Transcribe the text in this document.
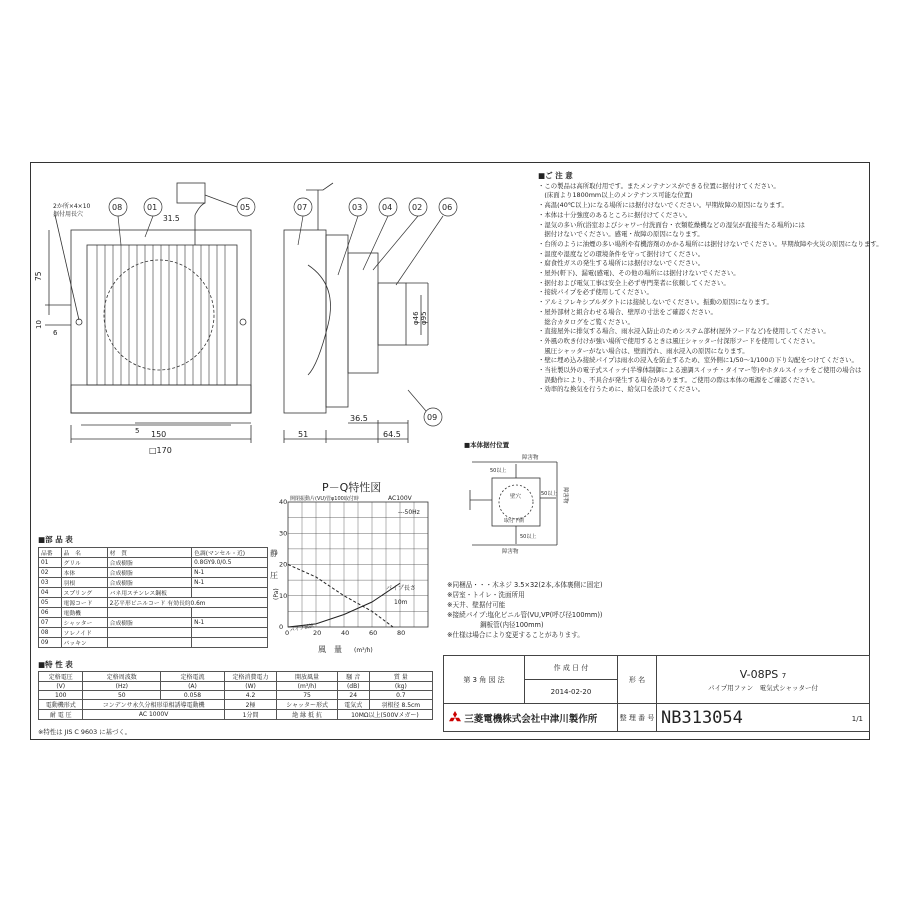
08	01	05
2か所×4×10
据付用長穴	31.5
75
10
6
5 150
□170
07	03 04 02 06
09
φ46 φ95
51
36.5
64.5
■ご 注 意
・この製品は高所取付用です。またメンテナンスができる位置に据付けてください。
　(床面より1800mm以上のメンテナンス可能な位置)
・高温(40℃以上)になる場所には据付けないでください。早期故障の原因になります。
・本体は十分強度のあるところに据付けてください。
・湿気の多い所(浴室およびシャワー付洗面台・衣類乾燥機などの湿気が直接当たる場所)には
　据付けないでください。感電・故障の原因になります。
・台所のように油煙の多い場所や有機溶剤のかかる場所には据付けないでください。早期故障や火災の原因になります。
・温度や湿度などの環境条件を守って据付けてください。
・腐食性ガスの発生する場所には据付けないでください。
・屋外(軒下)、漏電(感電)、その他の場所には据付けないでください。
・据付および電気工事は安全上必ず専門業者に依頼してください。
・接続パイプを必ず使用してください。
・アルミフレキシブルダクトには接続しないでください。振動の原因になります。
・屋外部材と組合わせる場合、壁厚の寸法をご確認ください。
　総合カタログをご覧ください。
・直接屋外に排気する場合、雨水浸入防止のためシステム部材(屋外フードなど)を使用してください。
・外風の吹き付けが強い場所で使用するときは風圧シャッター付深形フードを使用してください。
　風圧シャッターがない場合は、壁面汚れ、雨水浸入の原因になります。
・壁に埋め込み接続パイプは雨水の浸入を防止するため、室外側に1/50〜1/100の下り勾配をつけてください。
・当社製以外の電子式スイッチ(半導体制御による速調スイッチ・タイマー等)やホタルスイッチをご使用の場合は
　誤動作により、不具合が発生する場合があります。ご使用の際は本体の電源をご確認ください。
・効率的な換気を行うために、給気口を設けてください。
■本体据付位置
障害物
障害物
障害物
50以上
50以上
50以上
壁穴
取付下側
P－Q特性図
0	20	40	60	80
0
10
20
30
40 開閉振動片(VU)管φ100取付時	AC100V
---50Hz
静
圧
(Pa)	パイプ長さ
10m
パイプ抵抗
風　量 (m³/h)
■部 品 表
品番	品　名	材　質	色調(マンセル・近)
01	グリル	合成樹脂	0.8GY9.0/0.5
02	本体	合成樹脂	N-1
03	羽根	合成樹脂	N-1
04	スプリング	バネ用ステンレス鋼板	
05	電源コード	2芯平形ビニルコード 有効長約0.6m	
06	電動機		
07	シャッター	合成樹脂	N-1
08	ソレノイド		
09	パッキン		
■特 性 表
定格電圧	定格周波数	定格電流	定格消費電力	開放風量	騒 音	質 量
(V)	(Hz)	(A)	(W)	(m³/h)	(dB)	(kg)
100	50	0.058	4.2	75	24	0.7
電動機形式	コンデンサ永久分相形単相誘導電動機		2極	シャッター形式	電気式	羽根径 8.5cm
耐 電 圧	AC 1000V		1分間	絶 縁 抵 抗	10MΩ以上(500Vメガー)	
※特性は JIS C 9603 に基づく。
※同梱品・・・木ネジ 3.5×32(2本,本体裏側に固定)
※居室・トイレ・洗面所用
※天井、壁据付可能
※接続パイプ:塩化ビニル管(VU,VP(呼び径100mm))
　　　　　鋼板管(内径100mm)
※仕様は場合により変更することがあります。
第 3 角 図 法	作 成 日 付	形 名	V-08PS 7
パイプ用ファン　電気式シャッター付

	2014-02-20		
三菱電機株式会社中津川製作所		整 理 番 号	NB313054 1/1
